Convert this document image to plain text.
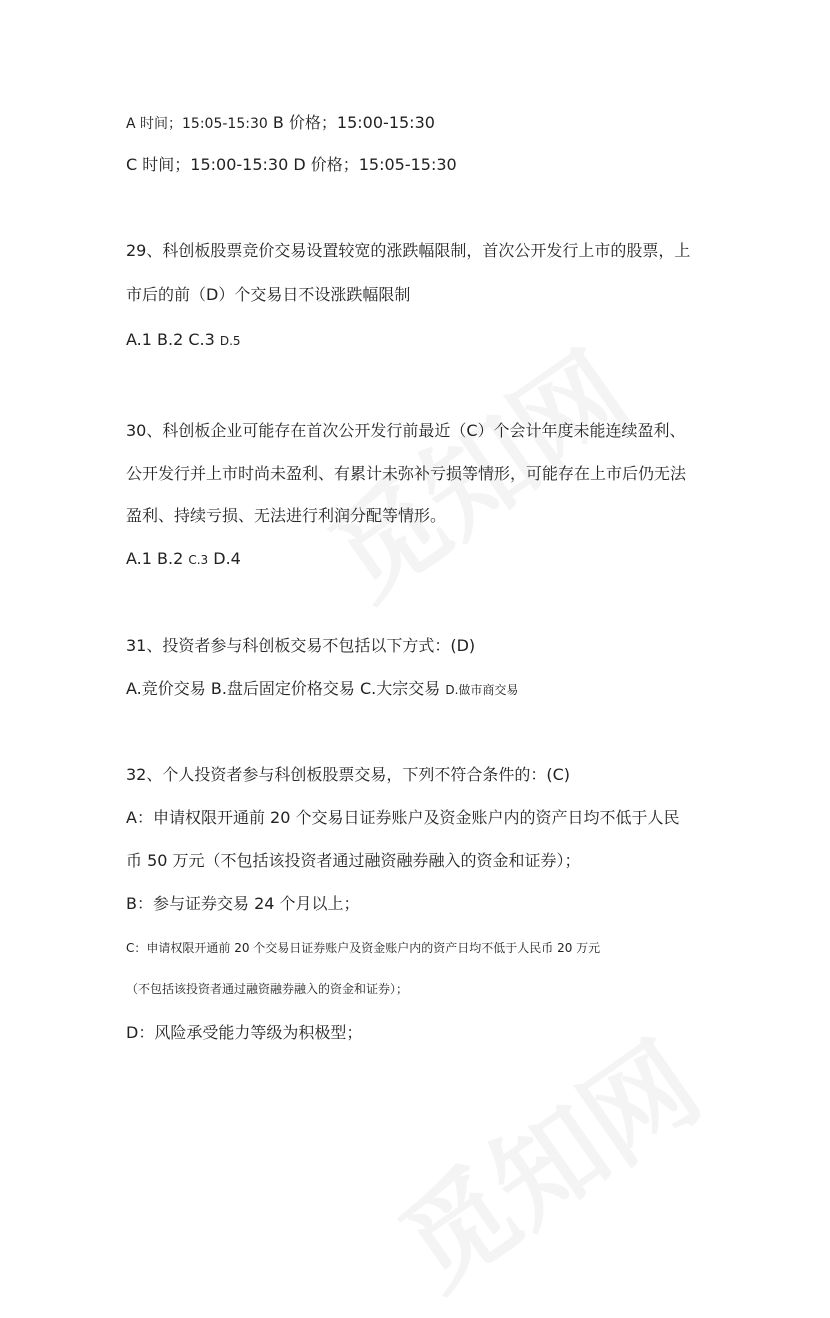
A 时间；15:05-15:30 B 价格；15:00-15:30
C 时间；15:00-15:30 D 价格；15:05-15:30
29、科创板股票竞价交易设置较宽的涨跌幅限制，首次公开发行上市的股票，上
市后的前（D）个交易日不设涨跌幅限制
A.1 B.2 C.3 D.5
30、科创板企业可能存在首次公开发行前最近（C）个会计年度未能连续盈利、
公开发行并上市时尚未盈利、有累计未弥补亏损等情形，可能存在上市后仍无法
盈利、持续亏损、无法进行利润分配等情形。
A.1 B.2 C.3 D.4
31、投资者参与科创板交易不包括以下方式：(D)
A.竞价交易 B.盘后固定价格交易 C.大宗交易 D.做市商交易
32、个人投资者参与科创板股票交易，下列不符合条件的：(C)
A：申请权限开通前 20 个交易日证券账户及资金账户内的资产日均不低于人民
币 50 万元（不包括该投资者通过融资融券融入的资金和证券）；
B：参与证券交易 24 个月以上；
C：申请权限开通前 20 个交易日证券账户及资金账户内的资产日均不低于人民币 20 万元
（不包括该投资者通过融资融券融入的资金和证券）；
D：风险承受能力等级为积极型；
